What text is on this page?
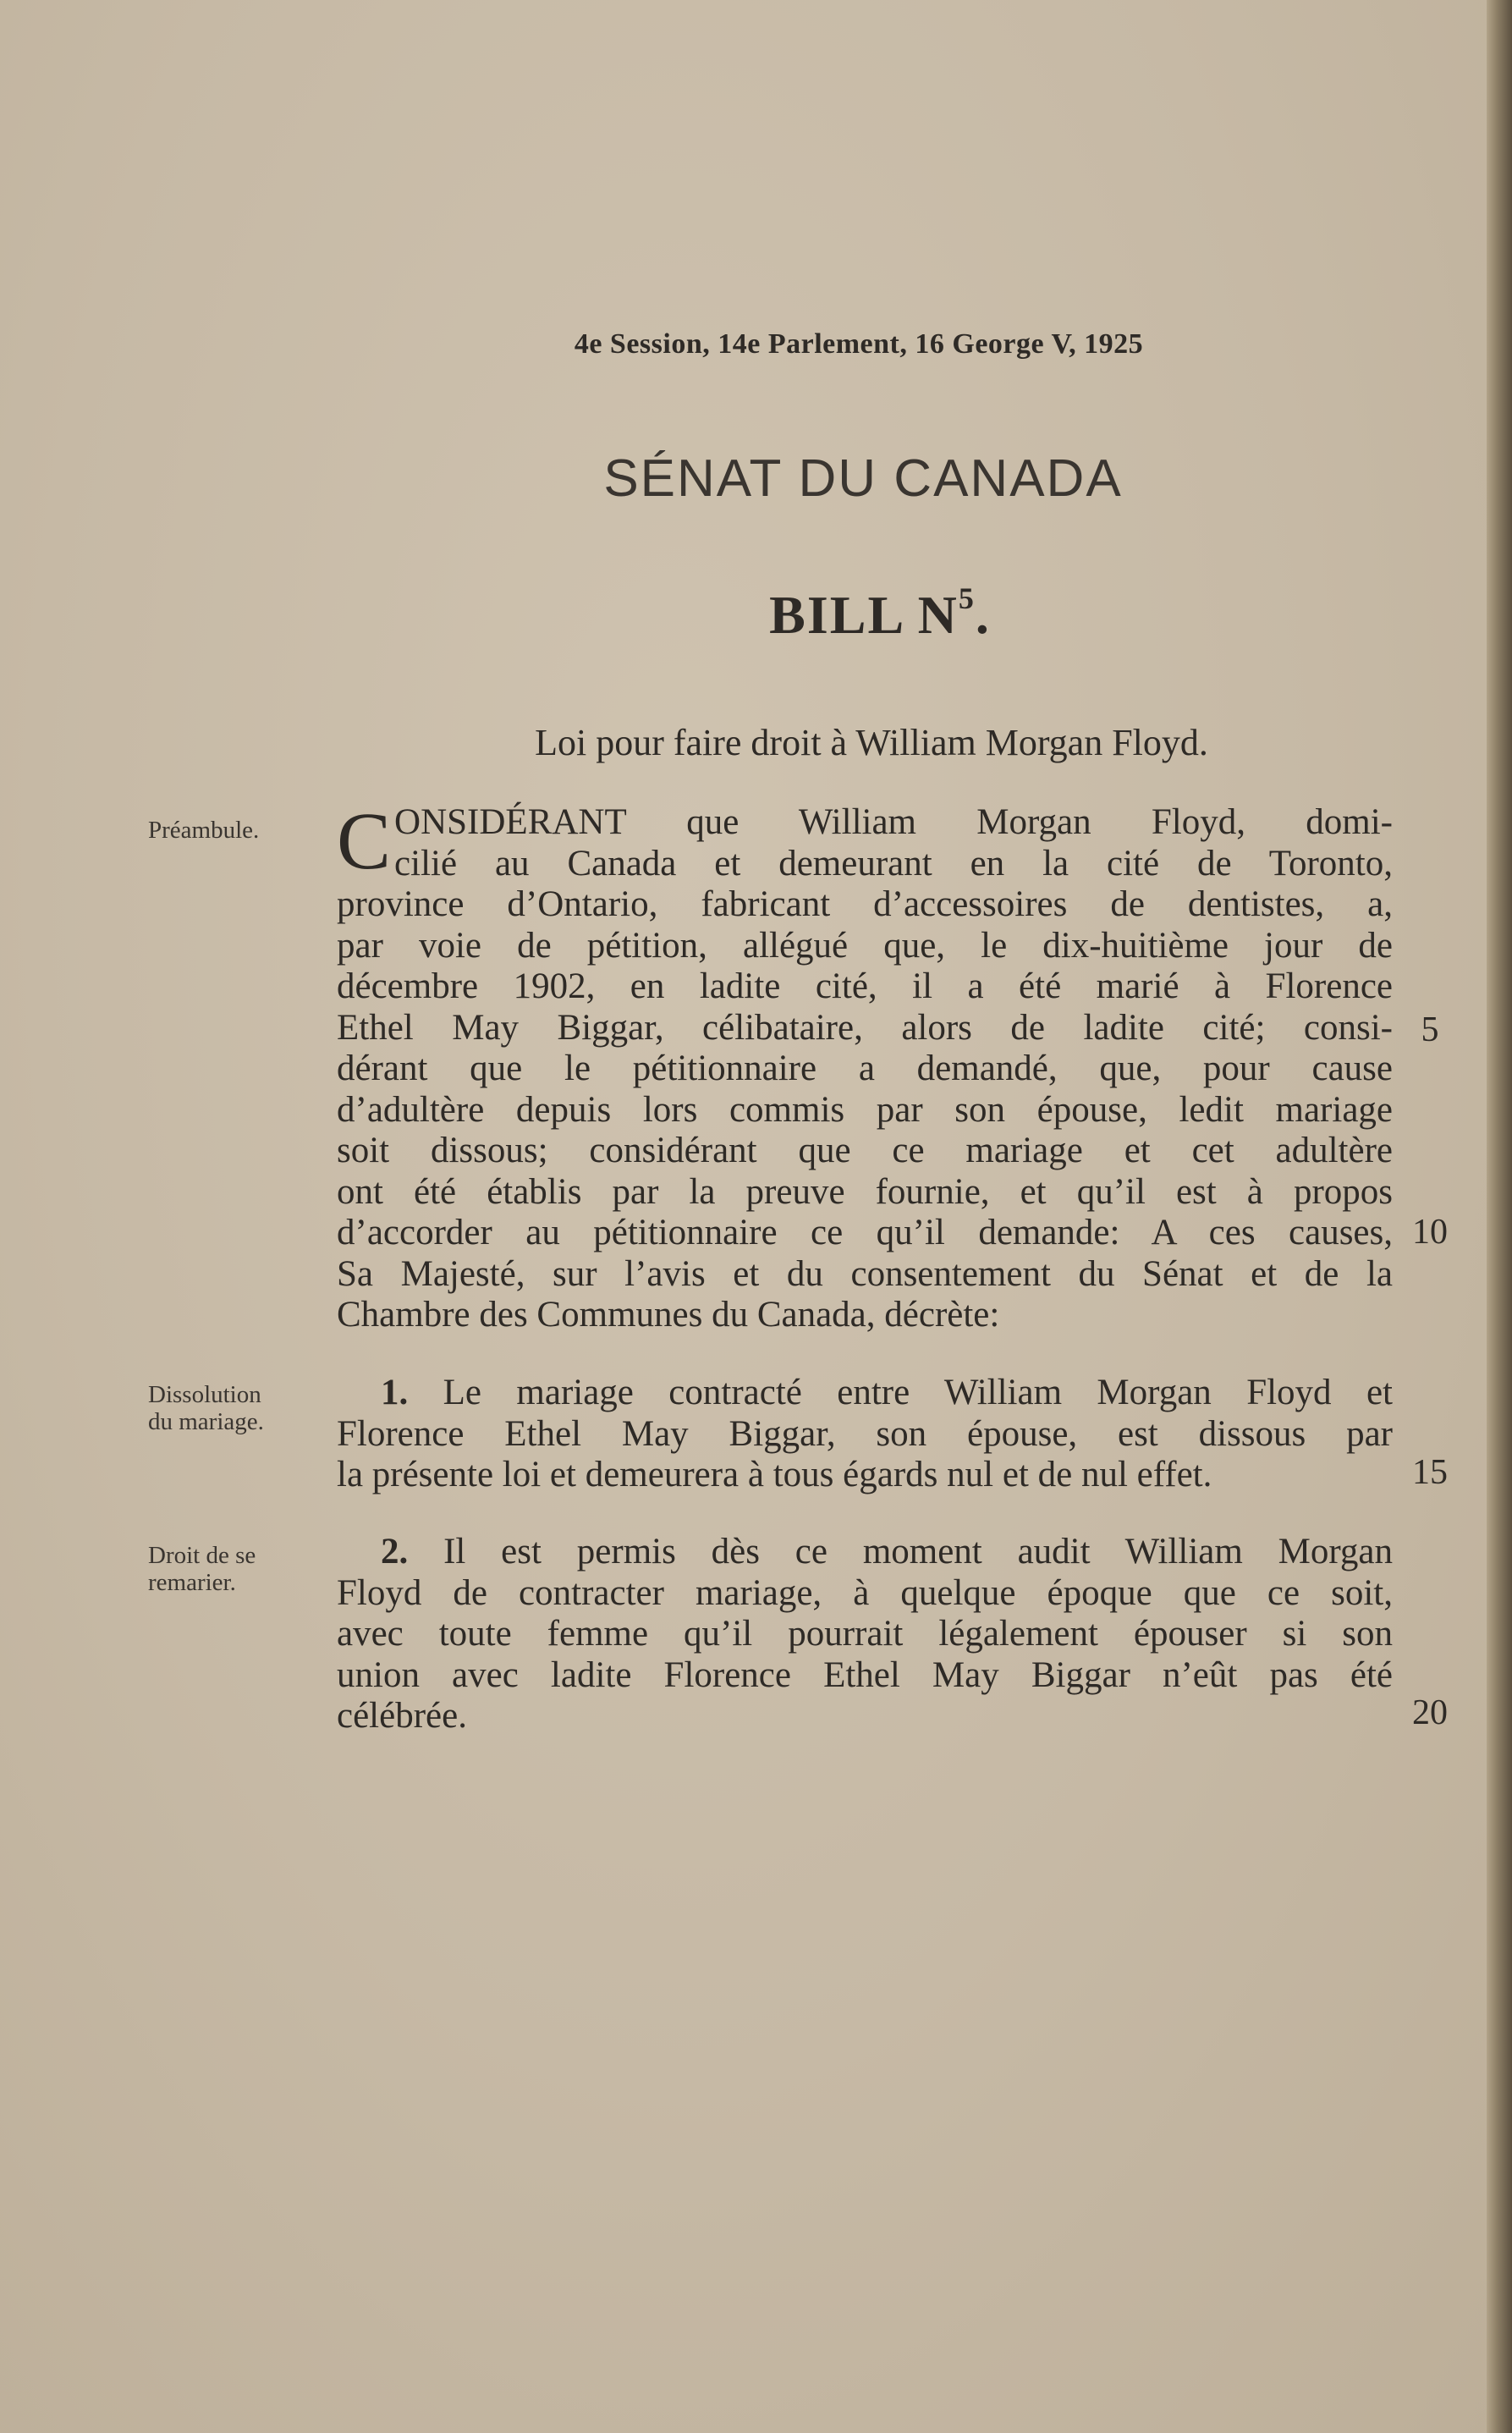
4e Session, 14e Parlement, 16 George V, 1925
SÉNAT DU CANADA
BILL $N^5$.
Loi pour faire droit à William Morgan Floyd.
Préambule.
Dissolution
du mariage.
Droit de se
remarier.
C ONSIDÉRANT que William Morgan Floyd, domi-
cilié au Canada et demeurant en la cité de Toronto,
province d’Ontario, fabricant d’accessoires de dentistes, a,
par voie de pétition, allégué que, le dix-huitième jour de
décembre 1902, en ladite cité, il a été marié à Florence
Ethel May Biggar, célibataire, alors de ladite cité; consi-
dérant que le pétitionnaire a demandé, que, pour cause
d’adultère depuis lors commis par son épouse, ledit mariage
soit dissous; considérant que ce mariage et cet adultère
ont été établis par la preuve fournie, et qu’il est à propos
d’accorder au pétitionnaire ce qu’il demande: A ces causes,
Sa Majesté, sur l’avis et du consentement du Sénat et de la
Chambre des Communes du Canada, décrète:
1. Le mariage contracté entre William Morgan Floyd et
Florence Ethel May Biggar, son épouse, est dissous par
la présente loi et demeurera à tous égards nul et de nul effet.
2. Il est permis dès ce moment audit William Morgan
Floyd de contracter mariage, à quelque époque que ce soit,
avec toute femme qu’il pourrait légalement épouser si son
union avec ladite Florence Ethel May Biggar n’eût pas été
célébrée.
5
10
15
20
